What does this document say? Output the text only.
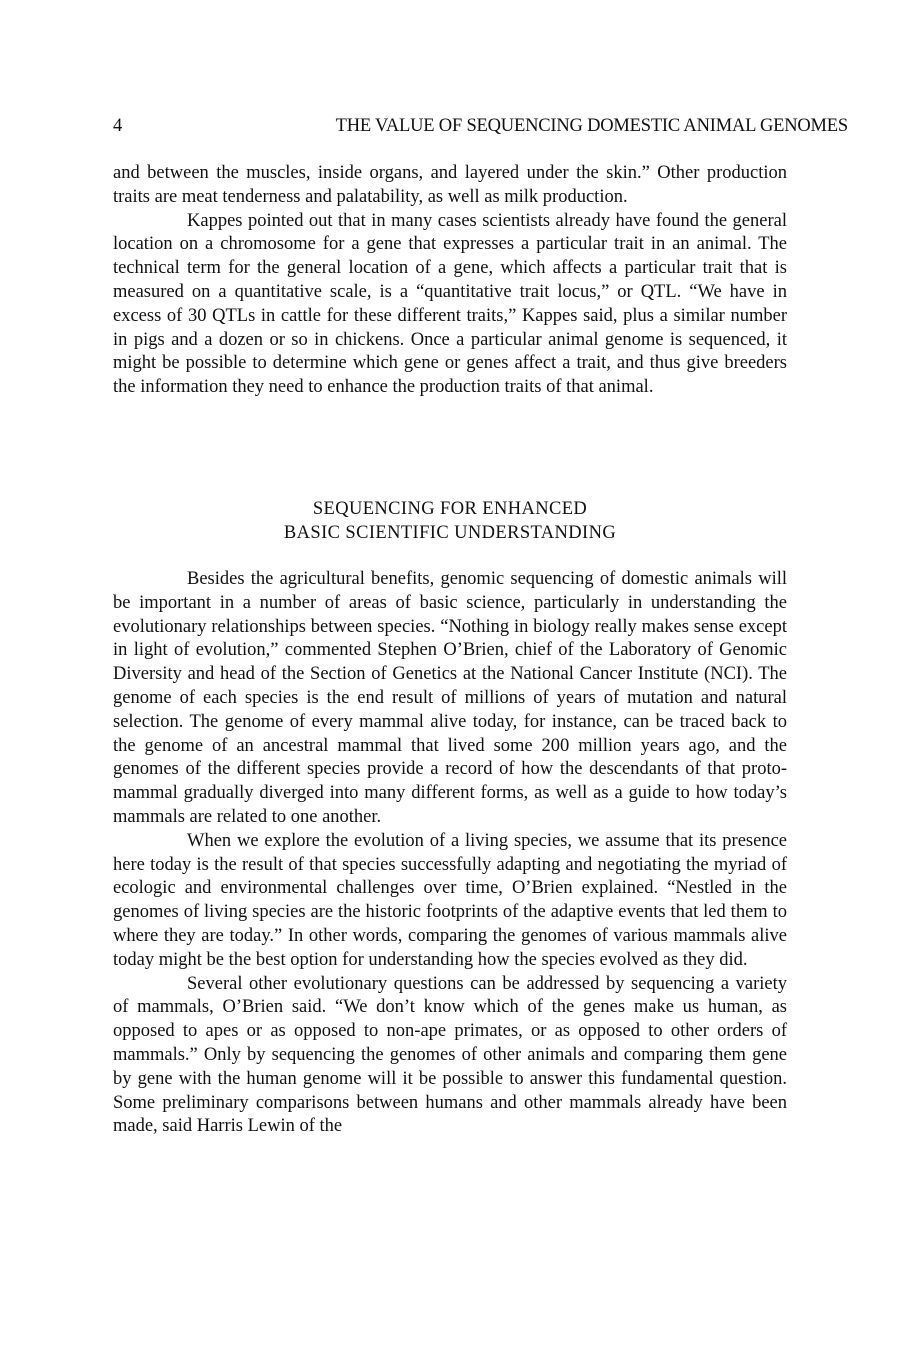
4	THE VALUE OF SEQUENCING DOMESTIC ANIMAL GENOMES

and between the muscles, inside organs, and layered under the skin.” Other production traits are meat tenderness and palatability, as well as milk production.

Kappes pointed out that in many cases scientists already have found the general location on a chromosome for a gene that expresses a particular trait in an animal. The technical term for the general location of a gene, which affects a particular trait that is measured on a quantitative scale, is a “quantitative trait locus,” or QTL. “We have in excess of 30 QTLs in cattle for these different traits,” Kappes said, plus a similar number in pigs and a dozen or so in chickens. Once a particular animal genome is sequenced, it might be possible to determine which gene or genes affect a trait, and thus give breeders the information they need to enhance the production traits of that animal.

SEQUENCING FOR ENHANCED
BASIC SCIENTIFIC UNDERSTANDING

Besides the agricultural benefits, genomic sequencing of domestic animals will be important in a number of areas of basic science, particularly in understanding the evolutionary relationships between species. “Nothing in biology really makes sense except in light of evolution,” commented Stephen O’Brien, chief of the Laboratory of Genomic Diversity and head of the Section of Genetics at the National Cancer Institute (NCI). The genome of each species is the end result of millions of years of mutation and natural selection. The genome of every mammal alive today, for instance, can be traced back to the genome of an ancestral mammal that lived some 200 million years ago, and the genomes of the different species provide a record of how the descendants of that proto-mammal gradually diverged into many different forms, as well as a guide to how today’s mammals are related to one another.

When we explore the evolution of a living species, we assume that its presence here today is the result of that species successfully adapting and negotiating the myriad of ecologic and environmental challenges over time, O’Brien explained. “Nestled in the genomes of living species are the historic footprints of the adaptive events that led them to where they are today.” In other words, comparing the genomes of various mammals alive today might be the best option for understanding how the species evolved as they did.

Several other evolutionary questions can be addressed by sequencing a variety of mammals, O’Brien said. “We don’t know which of the genes make us human, as opposed to apes or as opposed to non-ape primates, or as opposed to other orders of mammals.” Only by sequencing the genomes of other animals and comparing them gene by gene with the human genome will it be possible to answer this fundamental question. Some preliminary comparisons between humans and other mammals already have been made, said Harris Lewin of the
